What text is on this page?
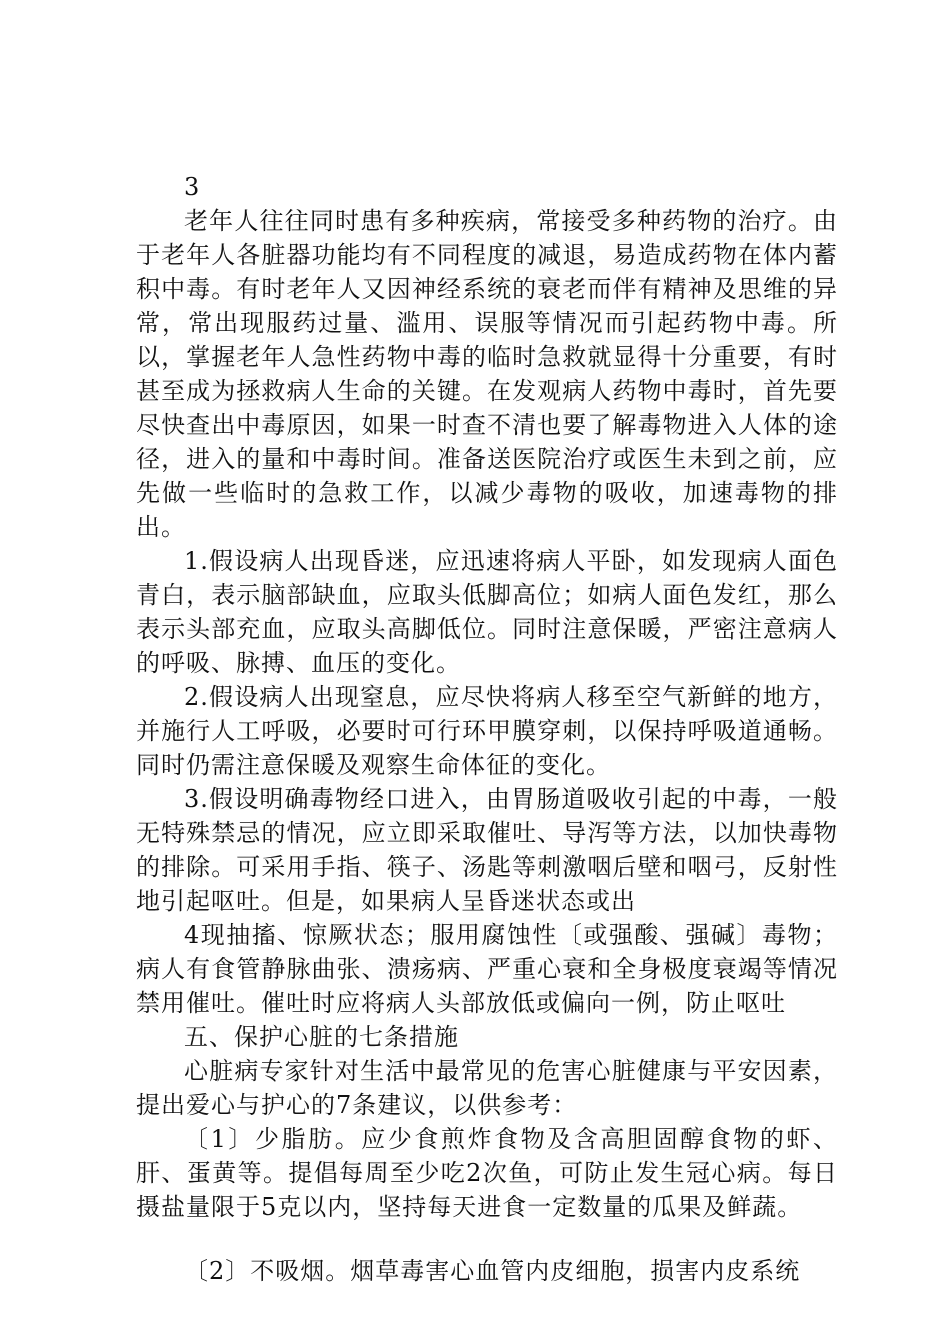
3

老年人往往同时患有多种疾病，常接受多种药物的治疗。由于老年人各脏器功能均有不同程度的减退，易造成药物在体内蓄积中毒。有时老年人又因神经系统的衰老而伴有精神及思维的异常，常出现服药过量、滥用、误服等情况而引起药物中毒。所以，掌握老年人急性药物中毒的临时急救就显得十分重要，有时甚至成为拯救病人生命的关键。在发观病人药物中毒时，首先要尽快查出中毒原因，如果一时查不清也要了解毒物进入人体的途径，进入的量和中毒时间。准备送医院治疗或医生未到之前，应先做一些临时的急救工作，以减少毒物的吸收，加速毒物的排出。

1.假设病人出现昏迷，应迅速将病人平卧，如发现病人面色青白，表示脑部缺血，应取头低脚高位；如病人面色发红，那么表示头部充血，应取头高脚低位。同时注意保暖，严密注意病人的呼吸、脉搏、血压的变化。

2.假设病人出现窒息，应尽快将病人移至空气新鲜的地方，并施行人工呼吸，必要时可行环甲膜穿刺，以保持呼吸道通畅。同时仍需注意保暖及观察生命体征的变化。

3.假设明确毒物经口进入，由胃肠道吸收引起的中毒，一般无特殊禁忌的情况，应立即采取催吐、导泻等方法，以加快毒物的排除。可采用手指、筷子、汤匙等刺激咽后壁和咽弓，反射性地引起呕吐。但是，如果病人呈昏迷状态或出

4现抽搐、惊厥状态；服用腐蚀性〔或强酸、强碱〕毒物；病人有食管静脉曲张、溃疡病、严重心衰和全身极度衰竭等情况禁用催吐。催吐时应将病人头部放低或偏向一例，防止呕吐

五、保护心脏的七条措施

心脏病专家针对生活中最常见的危害心脏健康与平安因素，提出爱心与护心的7条建议，以供参考：

〔1〕少脂肪。应少食煎炸食物及含高胆固醇食物的虾、肝、蛋黄等。提倡每周至少吃2次鱼，可防止发生冠心病。每日摄盐量限于5克以内，坚持每天进食一定数量的瓜果及鲜蔬。

〔2〕不吸烟。烟草毒害心血管内皮细胞，损害内皮系统
